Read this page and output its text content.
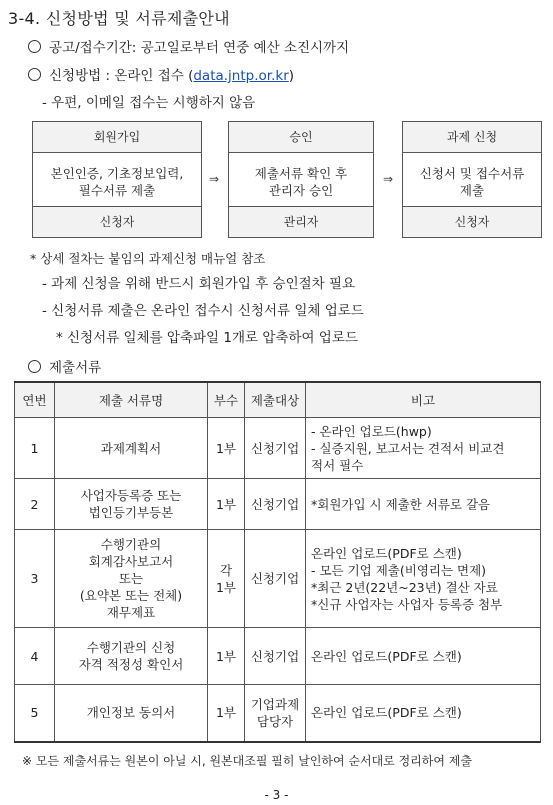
3-4. 신청방법 및 서류제출안내
공고/접수기간: 공고일로부터 연중 예산 소진시까지
신청방법 : 온라인 접수 (data.jntp.or.kr)
- 우편, 이메일 접수는 시행하지 않음
회원가입
본인인증, 기초정보입력,
필수서류 제출
신청자
⇒
승인
제출서류 확인 후
관리자 승인
관리자
⇒
과제 신청
신청서 및 접수서류
제출
신청자
* 상세 절차는 붙임의 과제신청 매뉴얼 참조
- 과제 신청을 위해 반드시 회원가입 후 승인절차 필요
- 신청서류 제출은 온라인 접수시 신청서류 일체 업로드
* 신청서류 일체를 압축파일 1개로 압축하여 업로드
제출서류
연번	제출 서류명	부수	제출대상	비고
1	과제계획서	1부	신청기업	- 온라인 업로드(hwp)
- 실증지원, 보고서는 견적서 비교견
적서 필수
2	사업자등록증 또는
법인등기부등본	1부	신청기업	*회원가입 시 제출한 서류로 갈음
3	수행기관의
회계감사보고서
또는
(요약본 또는 전체)
재무제표	각
1부	신청기업	온라인 업로드(PDF로 스캔)
- 모든 기업 제출(비영리는 면제)
*최근 2년(22년~23년) 결산 자료
*신규 사업자는 사업자 등록증 첨부
4	수행기관의 신청
자격 적정성 확인서	1부	신청기업	온라인 업로드(PDF로 스캔)
5	개인정보 동의서	1부	기업과제
담당자	온라인 업로드(PDF로 스캔)
※ 모든 제출서류는 원본이 아닐 시, 원본대조필 필히 날인하여 순서대로 정리하여 제출
- 3 -
